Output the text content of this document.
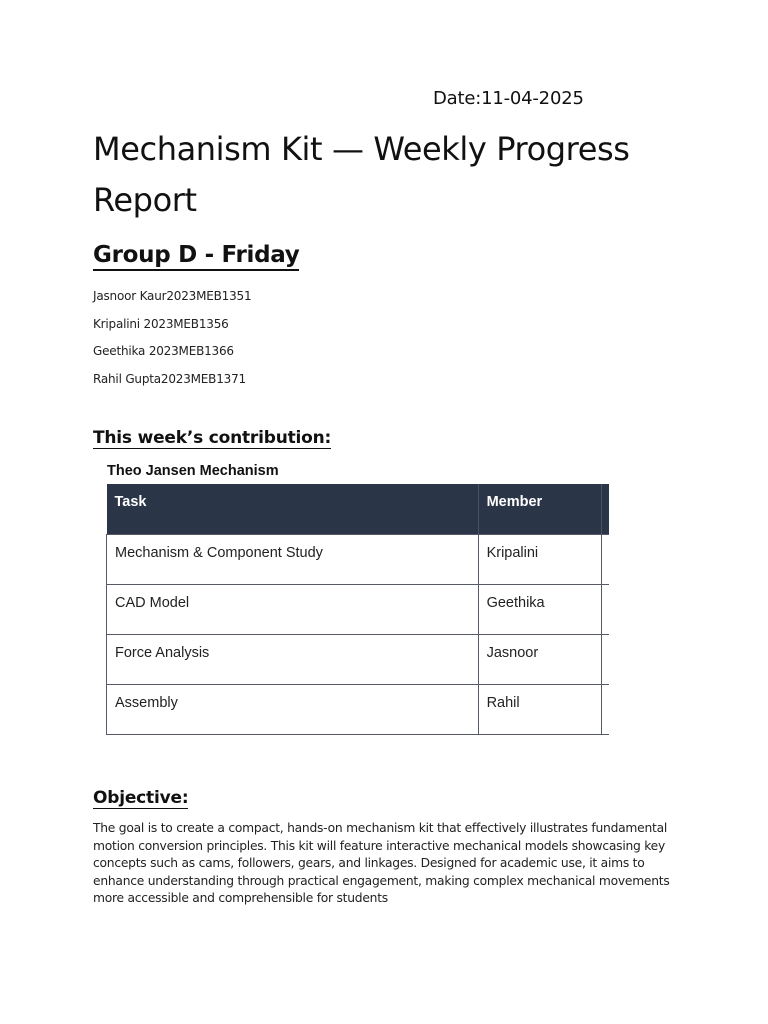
Date:11-04-2025
Mechanism Kit — Weekly Progress Report
Group D - Friday
Jasnoor Kaur2023MEB1351
Kripalini 2023MEB1356
Geethika 2023MEB1366
Rahil Gupta2023MEB1371
This week’s contribution:
Theo Jansen Mechanism
Task	Member	
Mechanism & Component Study	Kripalini	
CAD Model	Geethika	
Force Analysis	Jasnoor	
Assembly	Rahil	
Objective:

The goal is to create a compact, hands-on mechanism kit that effectively illustrates fundamental motion conversion principles. This kit will feature interactive mechanical models showcasing key concepts such as cams, followers, gears, and linkages. Designed for academic use, it aims to enhance understanding through practical engagement, making complex mechanical movements more accessible and comprehensible for students
